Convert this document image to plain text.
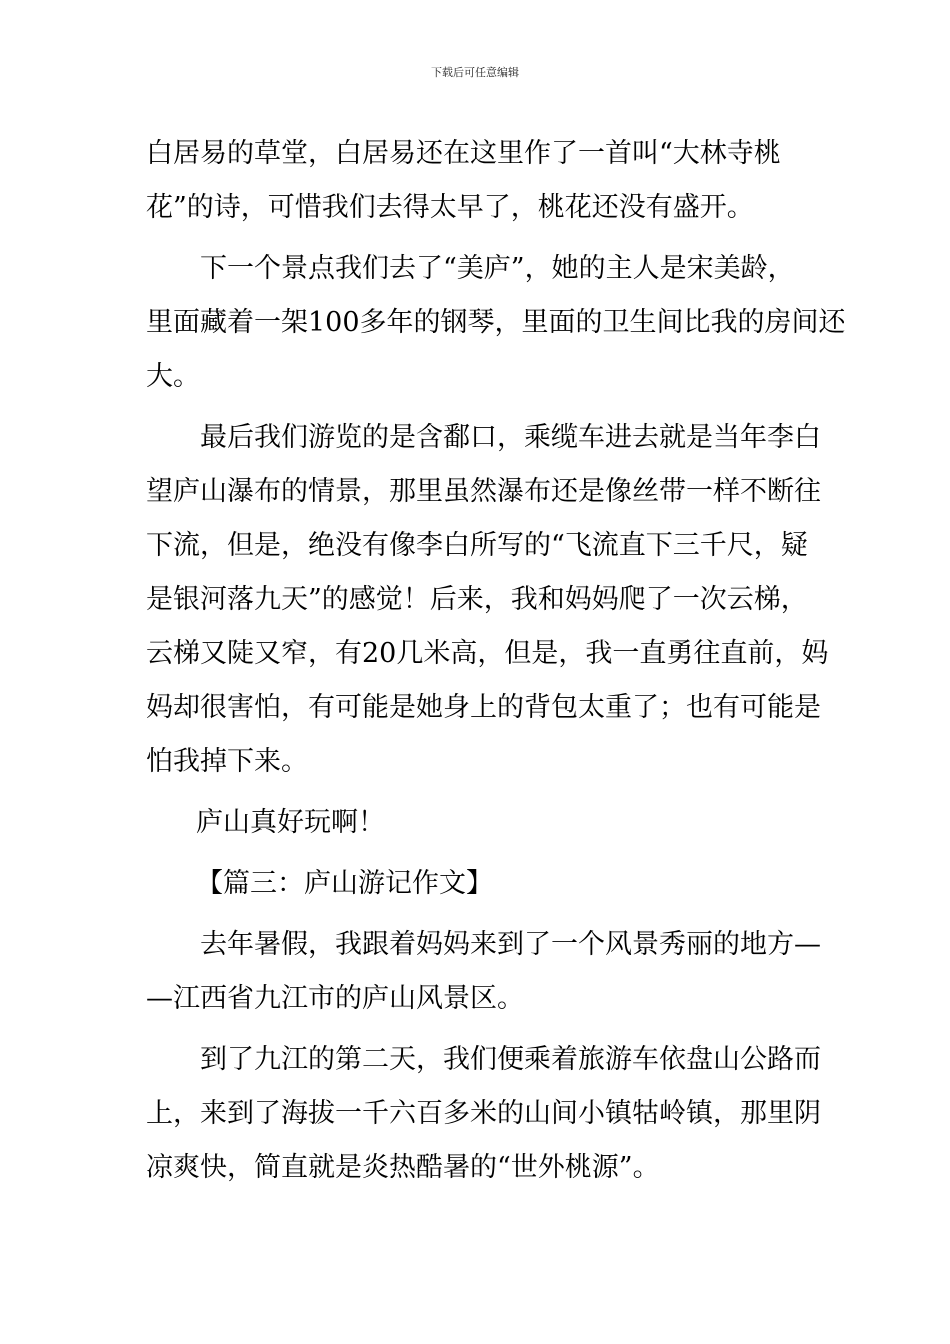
下载后可任意编辑
白居易的草堂，白居易还在这里作了一首叫“大林寺桃
花”的诗，可惜我们去得太早了，桃花还没有盛开。
下一个景点我们去了“美庐”，她的主人是宋美龄，
里面藏着一架100多年的钢琴，里面的卫生间比我的房间还
大。
最后我们游览的是含鄱口，乘缆车进去就是当年李白
望庐山瀑布的情景，那里虽然瀑布还是像丝带一样不断往
下流，但是，绝没有像李白所写的“飞流直下三千尺，疑
是银河落九天”的感觉！后来，我和妈妈爬了一次云梯，
云梯又陡又窄，有20几米高，但是，我一直勇往直前，妈
妈却很害怕，有可能是她身上的背包太重了；也有可能是
怕我掉下来。
庐山真好玩啊！
【篇三：庐山游记作文】
去年暑假，我跟着妈妈来到了一个风景秀丽的地方—
—江西省九江市的庐山风景区。
到了九江的第二天，我们便乘着旅游车依盘山公路而
上，来到了海拔一千六百多米的山间小镇牯岭镇，那里阴
凉爽快，简直就是炎热酷暑的“世外桃源”。
